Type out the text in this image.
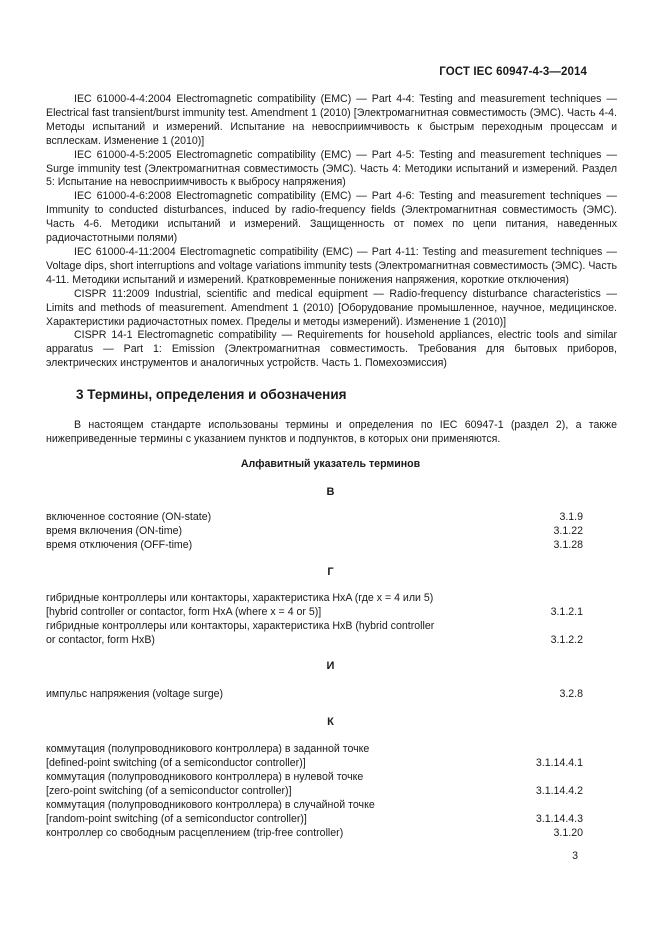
ГОСТ IEC 60947-4-3—2014

IEC 61000-4-4:2004 Electromagnetic compatibility (EMC) — Part 4-4: Testing and measurement techniques — Electrical fast transient/burst immunity test. Amendment 1 (2010) [Электромагнитная совместимость (ЭМС). Часть 4-4. Методы испытаний и измерений. Испытание на невосприимчивость к быстрым переходным процессам и всплескам. Изменение 1 (2010)]

IEC 61000-4-5:2005 Electromagnetic compatibility (EMC) — Part 4-5: Testing and measurement techniques — Surge immunity test (Электромагнитная совместимость (ЭМС). Часть 4: Методики испытаний и измерений. Раздел 5: Испытание на невосприимчивость к выбросу напряжения)

IEC 61000-4-6:2008 Electromagnetic compatibility (EMC) — Part 4-6: Testing and measurement techniques — Immunity to conducted disturbances, induced by radio-frequency fields (Электромагнитная совместимость (ЭМС). Часть 4-6. Методики испытаний и измерений. Защищенность от помех по цепи питания, наведенных радиочастотными полями)

IEC 61000-4-11:2004 Electromagnetic compatibility (EMC) — Part 4-11: Testing and measurement techniques — Voltage dips, short interruptions and voltage variations immunity tests (Электромагнитная совместимость (ЭМС). Часть 4-11. Методики испытаний и измерений. Кратковременные понижения напряжения, короткие отключения)

CISPR 11:2009 Industrial, scientific and medical equipment — Radio-frequency disturbance characteristics — Limits and methods of measurement. Amendment 1 (2010) [Оборудование промышленное, научное, медицинское. Характеристики радиочастотных помех. Пределы и методы измерений). Изменение 1 (2010)]

CISPR 14-1 Electromagnetic compatibility — Requirements for household appliances, electric tools and similar apparatus — Part 1: Emission (Электромагнитная совместимость. Требования для бытовых приборов, электрических инструментов и аналогичных устройств. Часть 1. Помехоэмиссия)

3 Термины, определения и обозначения

В настоящем стандарте использованы термины и определения по IEC 60947-1 (раздел 2), а также нижеприведенные термины с указанием пунктов и подпунктов, в которых они применяются.

Алфавитный указатель терминов
В
включенное состояние (ON-state)	3.1.9
время включения (ON-time)	3.1.22
время отключения (OFF-time)	3.1.28
Г
гибридные контроллеры или контакторы, характеристика HxA (где x = 4 или 5)
[hybrid controller or contactor, form HxA (where x = 4 or 5)]	3.1.2.1
гибридные контроллеры или контакторы, характеристика HxB (hybrid controller
or contactor, form HxB)	3.1.2.2
И
импульс напряжения (voltage surge)	3.2.8
К
коммутация (полупроводникового контроллера) в заданной точке
[defined-point switching (of a semiconductor controller)]	3.1.14.4.1
коммутация (полупроводникового контроллера) в нулевой точке
[zero-point switching (of a semiconductor controller)]	3.1.14.4.2
коммутация (полупроводникового контроллера) в случайной точке
[random-point switching (of a semiconductor controller)]	3.1.14.4.3
контроллер со свободным расцеплением (trip-free controller)	3.1.20
3
